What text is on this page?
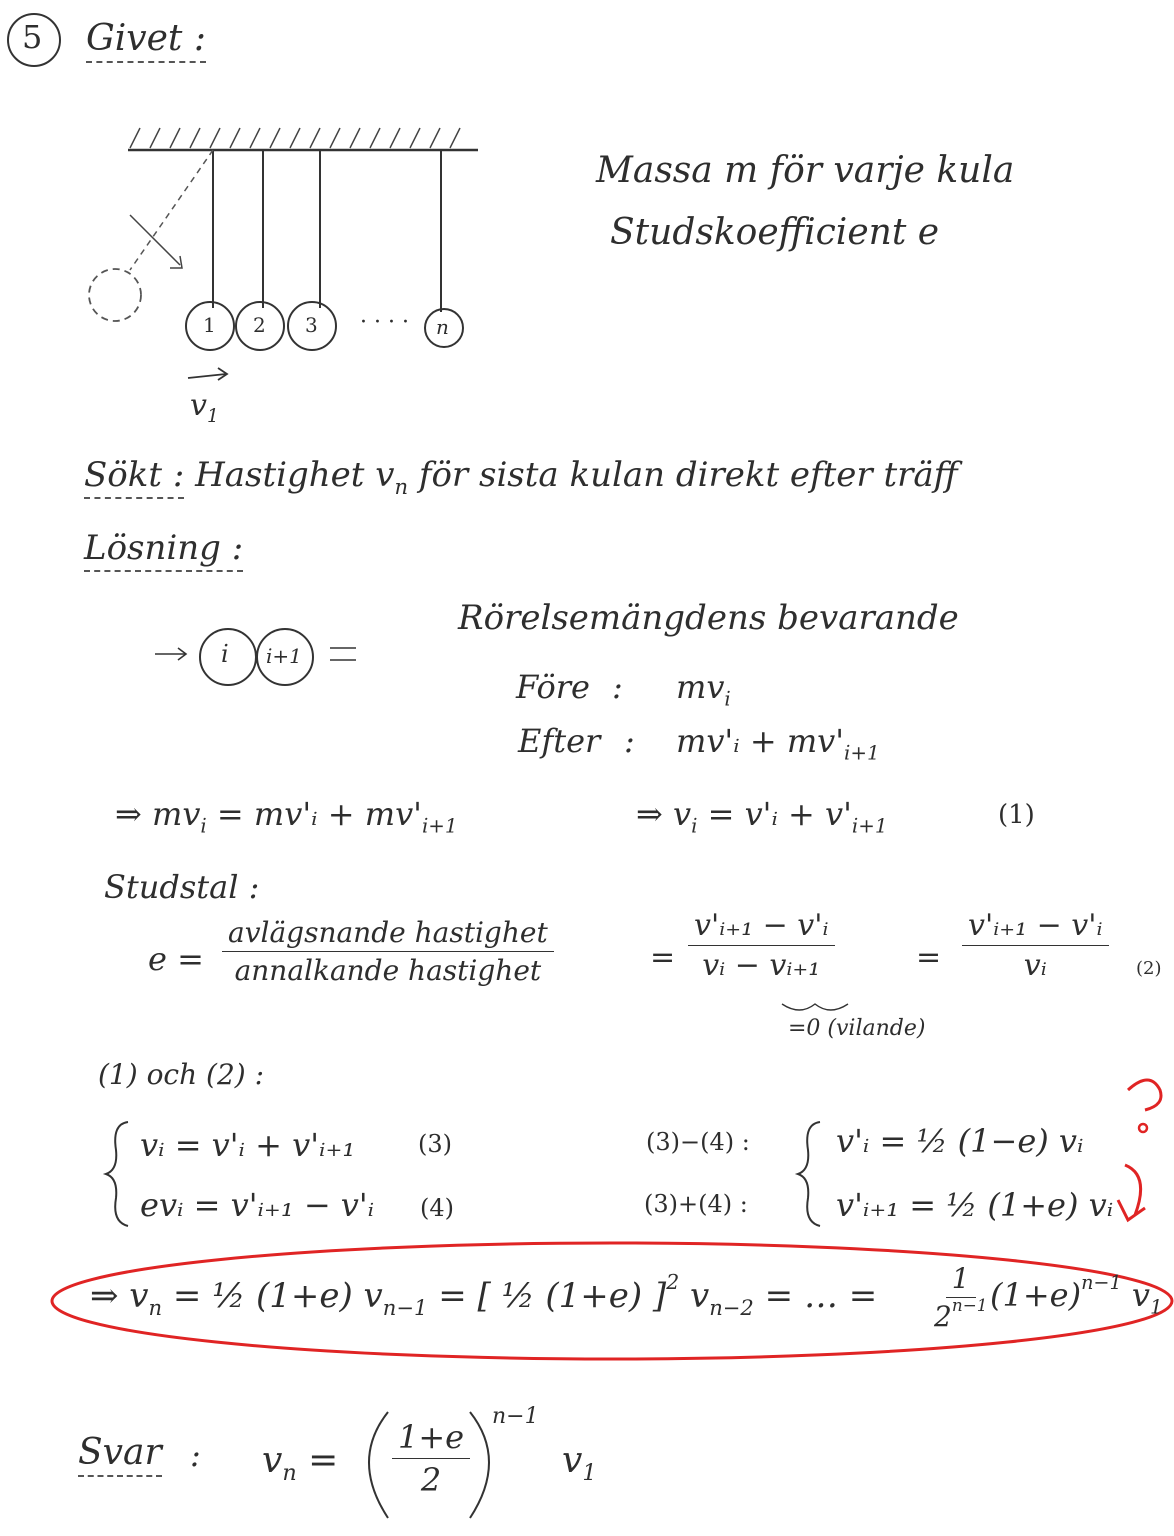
5 Givet :
1 2 3	n
· · · ·
$v_1$
Massa m för varje kula
Studskoefficient e
Sökt : Hastighet $v_n$ för sista kulan direkt efter träff
Lösning :
i i+1
Rörelsemängdens bevarande
Före : $mv_i$
Efter : mv'ᵢ + $mv'_{i+1}$
⇒ $mv_i$ = mv'ᵢ + $mv'_{i+1}$	⇒ $v_i$ = v'ᵢ + $v'_{i+1}$	(1)
Studstal :
$e = \frac{\text{avlägsnande hastighet}}{\text{annalkande hastighet}}$	= $\frac{\text{v'ᵢ₊₁ − v'ᵢ}}{\text{vᵢ − vᵢ₊₁}}$	= $\frac{\text{v'ᵢ₊₁ − v'ᵢ}}{\text{vᵢ}} (2)$
=0 (vilande)
(1) och (2) :
vᵢ = v'ᵢ + v'ᵢ₊₁	(3)
evᵢ = v'ᵢ₊₁ − v'ᵢ (4)
(3)−(4) :	v'ᵢ = ½ (1−e) vᵢ
(3)+(4) :	v'ᵢ₊₁ = ½ (1+e) vᵢ
⇒ $v_n$ = ½ (1+e) $v_{n-1}$ = [ ½ (1+e) ]$^2$ $v_{n-2}$ = … = $\frac{1}{2^{n-1}}$
$(1+e)^{n-1}$ $v_1$
Svar : $v_n = \frac{1+e}{2}$
n−1
$v_1$
